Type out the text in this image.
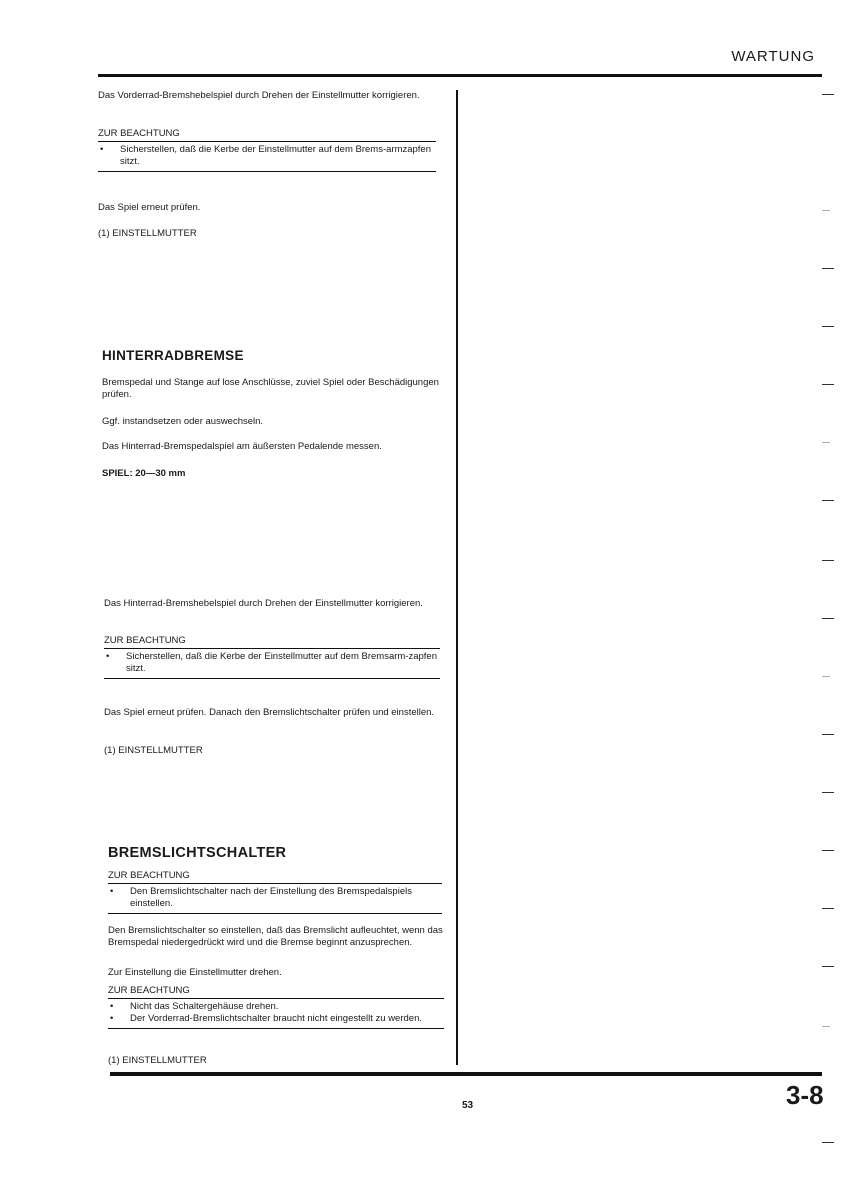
WARTUNG
Das Vorderrad-Bremshebelspiel durch Drehen der Einstellmutter korrigieren.
ZUR BEACHTUNG
• Sicherstellen, daß die Kerbe der Einstellmutter auf dem Brems-armzapfen sitzt.
Das Spiel erneut prüfen.
(1) EINSTELLMUTTER
HINTERRADBREMSE
Bremspedal und Stange auf lose Anschlüsse, zuviel Spiel oder Beschädigungen prüfen.
Ggf. instandsetzen oder auswechseln.
Das Hinterrad-Bremspedalspiel am äußersten Pedalende messen.
SPIEL: 20—30 mm
Das Hinterrad-Bremshebelspiel durch Drehen der Einstellmutter korrigieren.
ZUR BEACHTUNG
• Sicherstellen, daß die Kerbe der Einstellmutter auf dem Bremsarm-zapfen sitzt.
Das Spiel erneut prüfen. Danach den Bremslichtschalter prüfen und einstellen.
(1) EINSTELLMUTTER
BREMSLICHTSCHALTER
ZUR BEACHTUNG
• Den Bremslichtschalter nach der Einstellung des Bremspedalspiels einstellen.
Den Bremslichtschalter so einstellen, daß das Bremslicht aufleuchtet, wenn das Bremspedal niedergedrückt wird und die Bremse beginnt anzusprechen.
Zur Einstellung die Einstellmutter drehen.
ZUR BEACHTUNG
• Nicht das Schaltergehäuse drehen.
• Der Vorderrad-Bremslichtschalter braucht nicht eingestellt zu werden.
(1) EINSTELLMUTTER
53	3-8
